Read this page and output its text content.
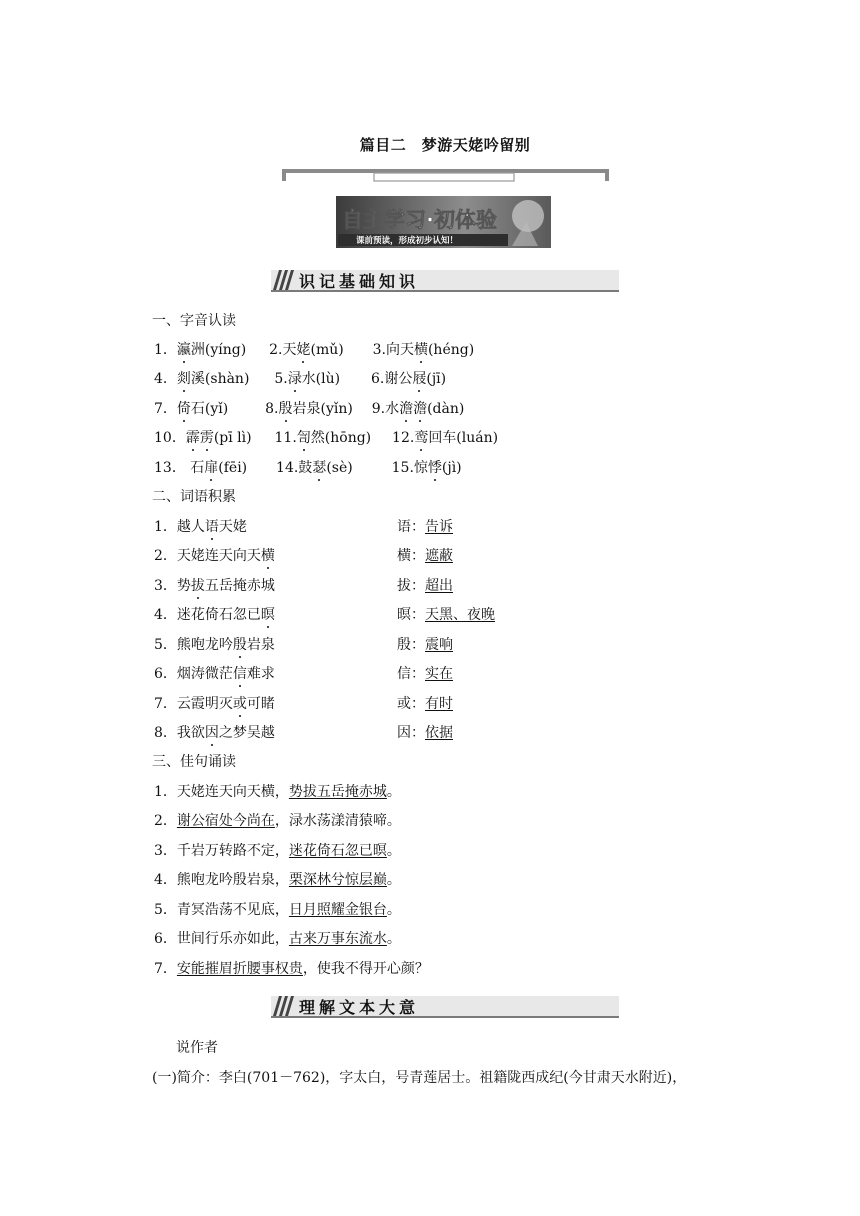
篇目二　梦游天姥吟留别
自主学习·初体验
课前预读，形成初步认知！
识记基础知识
一、字音认读
1．瀛洲(yíng) 2.天姥(mǔ) 3.向天横(héng)
4．剡溪(shàn) 5.渌水(lù) 6.谢公屐(jī)
7．倚石(yǐ)	8.殷岩泉(yǐn) 9.水澹澹(dàn)
10．霹雳(pī lì) 11.訇然(hōng) 12.鸾回车(luán)
13． 石扉(fēi) 14.鼓瑟(sè)	15.惊悸(jì)
二、词语积累
1．越人语天姥	语：告诉
2．天姥连天向天横	横：遮蔽
3．势拔五岳掩赤城	拔：超出
4．迷花倚石忽已暝	暝：天黑、夜晚
5．熊咆龙吟殷岩泉	殷：震响
6．烟涛微茫信难求	信：实在
7．云霞明灭或可睹	或：有时
8．我欲因之梦吴越	因：依据
三、佳句诵读
1．天姥连天向天横，势拔五岳掩赤城。
2．谢公宿处今尚在，渌水荡漾清猿啼。
3．千岩万转路不定，迷花倚石忽已暝。
4．熊咆龙吟殷岩泉，栗深林兮惊层巅。
5．青冥浩荡不见底，日月照耀金银台。
6．世间行乐亦如此，古来万事东流水。
7．安能摧眉折腰事权贵，使我不得开心颜？
理解文本大意
说作者
(一)简介：李白(701－762)，字太白，号青莲居士。祖籍陇西成纪(今甘肃天水附近)，
